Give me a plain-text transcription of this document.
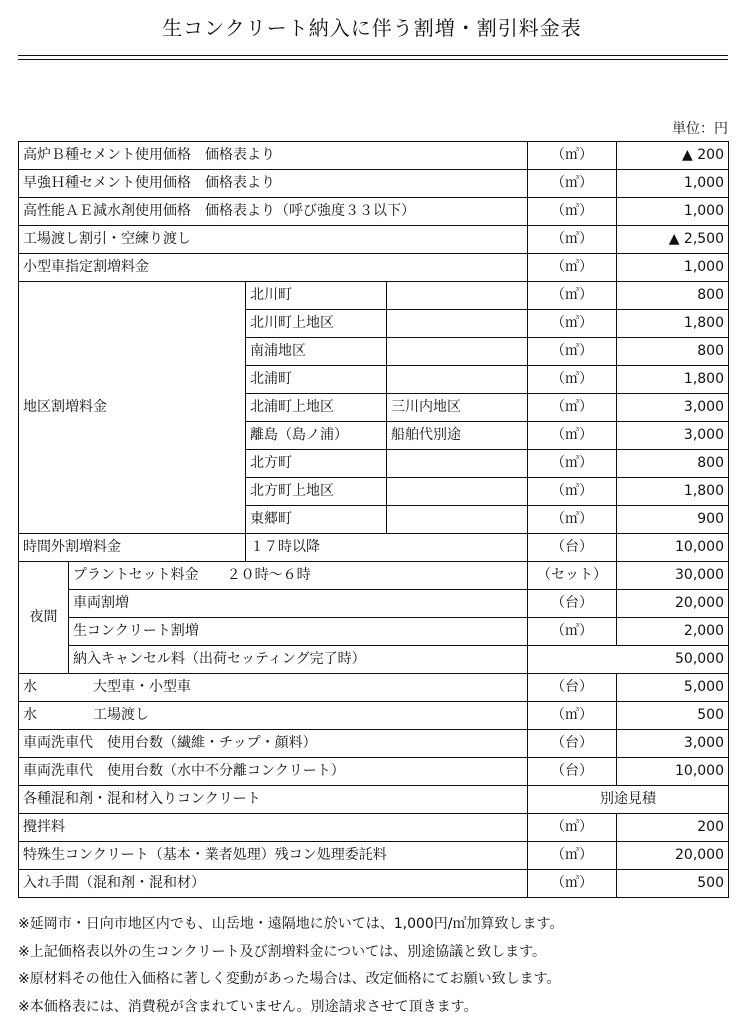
生コンクリート納入に伴う割増・割引料金表
単位：円
高炉Ｂ種セメント使用価格　価格表より				（㎥）	▲ 200
早強Ｈ種セメント使用価格　価格表より				（㎥）	1,000
高性能ＡＥ減水剤使用価格　価格表より（呼び強度３３以下）				（㎥）	1,000
工場渡し割引・空練り渡し				（㎥）	▲ 2,500
小型車指定割増料金				（㎥）	1,000
地区割増料金		北川町		（㎥）	800
		北川町上地区		（㎥）	1,800
		南浦地区		（㎥）	800
		北浦町		（㎥）	1,800
		北浦町上地区	三川内地区	（㎥）	3,000
		離島（島ノ浦）	船舶代別途	（㎥）	3,000
		北方町		（㎥）	800
		北方町上地区		（㎥）	1,800
		東郷町		（㎥）	900
時間外割増料金		１７時以降		（台）	10,000
夜間	プラントセット料金　　２０時～６時			（セット）	30,000
	車両割増			（台）	20,000
	生コンクリート割増			（㎥）	2,000
	納入キャンセル料（出荷セッティング完了時）			50,000	
水　　　　大型車・小型車				（台）	5,000
水　　　　工場渡し				（㎥）	500
車両洗車代　使用台数（繊維・チップ・顔料）				（台）	3,000
車両洗車代　使用台数（水中不分離コンクリート）				（台）	10,000
各種混和剤・混和材入りコンクリート				別途見積	
攪拌料				（㎥）	200
特殊生コンクリート（基本・業者処理）残コン処理委託料				（㎥）	20,000
入れ手間（混和剤・混和材）				（㎥）	500
※延岡市・日向市地区内でも、山岳地・遠隔地に於いては、1,000円/㎥加算致します。
※上記価格表以外の生コンクリート及び割増料金については、別途協議と致します。
※原材料その他仕入価格に著しく変動があった場合は、改定価格にてお願い致します。
※本価格表には、消費税が含まれていません。別途請求させて頂きます。
